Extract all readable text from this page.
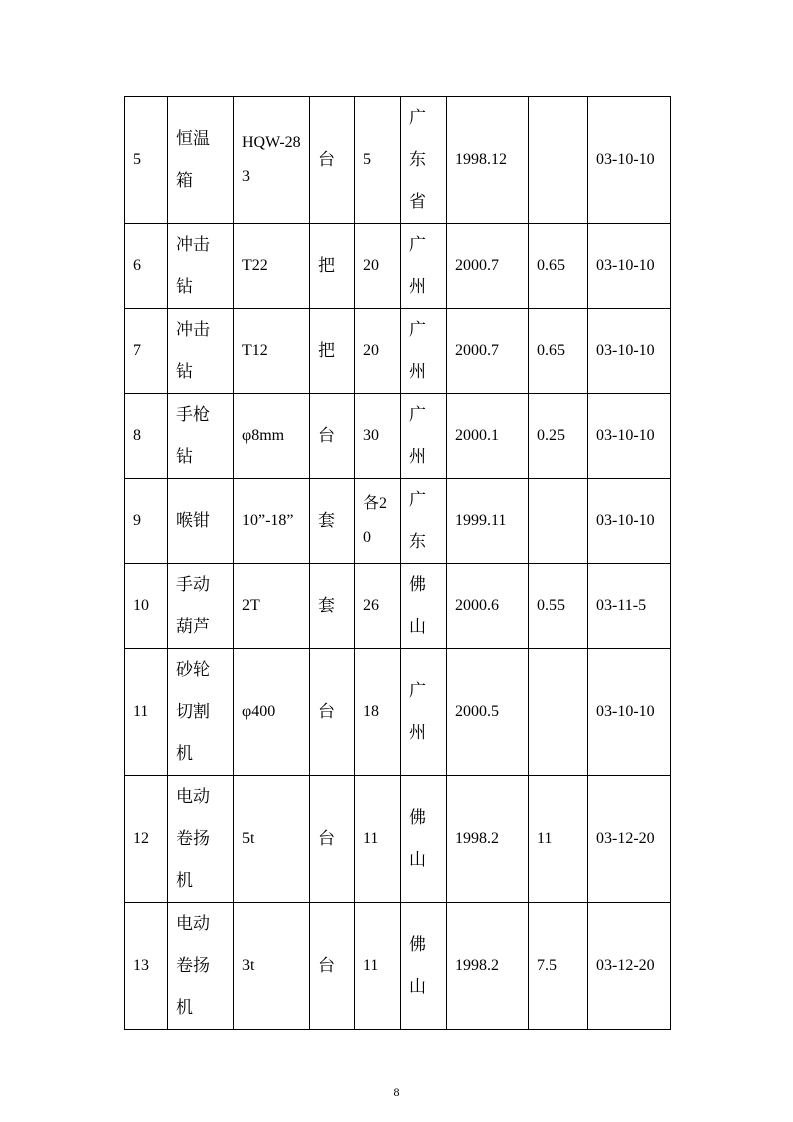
5	恒温箱	HQW-283	台	5	广东省	1998.12		03-10-10
6	冲击钻	T22	把	20	广州	2000.7	0.65	03-10-10
7	冲击钻	T12	把	20	广州	2000.7	0.65	03-10-10
8	手枪钻	φ8mm	台	30	广州	2000.1	0.25	03-10-10
9	喉钳	10”-18”	套	各20	广东	1999.11		03-10-10
10	手动葫芦	2T	套	26	佛山	2000.6	0.55	03-11-5
11	砂轮切割机	φ400	台	18	广州	2000.5		03-10-10
12	电动卷扬机	5t	台	11	佛山	1998.2	11	03-12-20
13	电动卷扬机	3t	台	11	佛山	1998.2	7.5	03-12-20
8
